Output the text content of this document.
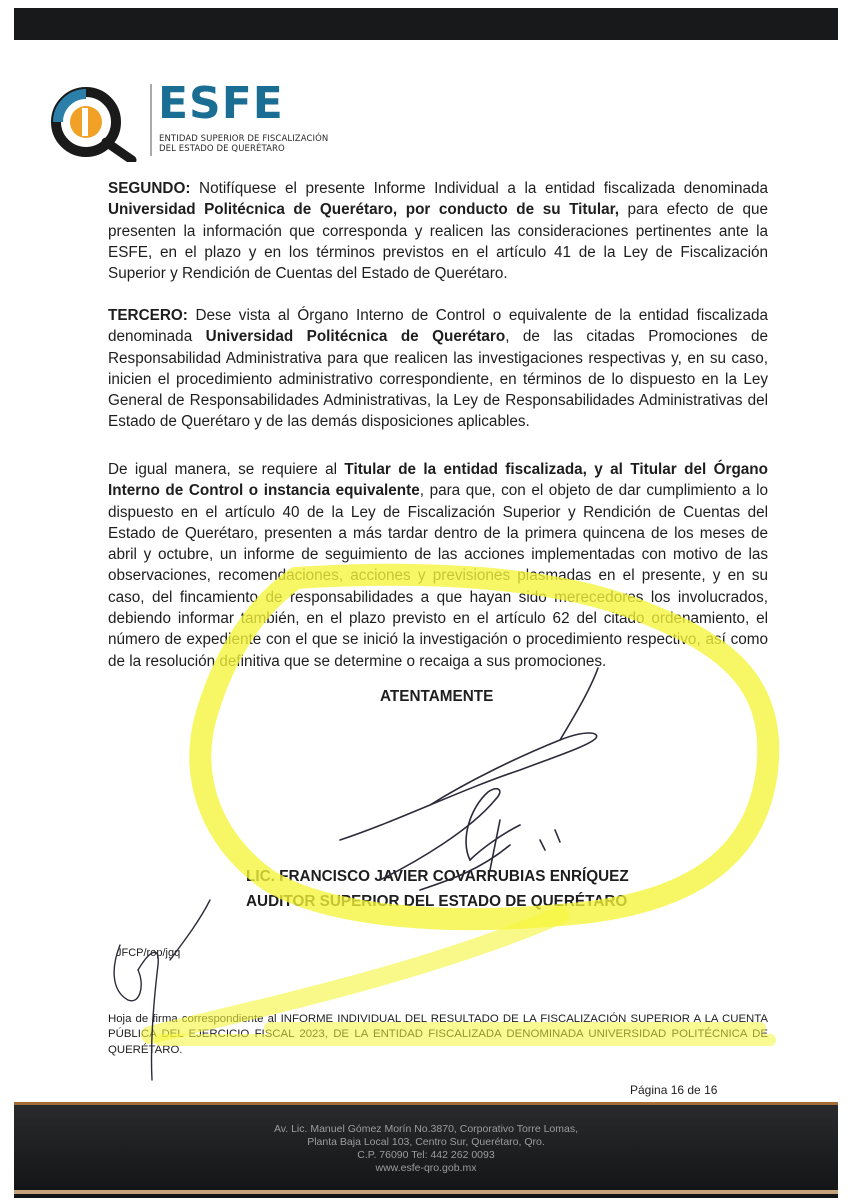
ESFE
ENTIDAD SUPERIOR DE FISCALIZACIÓN
DEL ESTADO DE QUERÉTARO

SEGUNDO: Notifíquese el presente Informe Individual a la entidad fiscalizada denominada Universidad Politécnica de Querétaro, por conducto de su Titular, para efecto de que presenten la información que corresponda y realicen las consideraciones pertinentes ante la ESFE, en el plazo y en los términos previstos en el artículo 41 de la Ley de Fiscalización Superior y Rendición de Cuentas del Estado de Querétaro.

TERCERO: Dese vista al Órgano Interno de Control o equivalente de la entidad fiscalizada denominada Universidad Politécnica de Querétaro, de las citadas Promociones de Responsabilidad Administrativa para que realicen las investigaciones respectivas y, en su caso, inicien el procedimiento administrativo correspondiente, en términos de lo dispuesto en la Ley General de Responsabilidades Administrativas, la Ley de Responsabilidades Administrativas del Estado de Querétaro y de las demás disposiciones aplicables.

De igual manera, se requiere al Titular de la entidad fiscalizada, y al Titular del Órgano Interno de Control o instancia equivalente, para que, con el objeto de dar cumplimiento a lo dispuesto en el artículo 40 de la Ley de Fiscalización Superior y Rendición de Cuentas del Estado de Querétaro, presenten a más tardar dentro de la primera quincena de los meses de abril y octubre, un informe de seguimiento de las acciones implementadas con motivo de las observaciones, recomendaciones, acciones y previsiones plasmadas en el presente, y en su caso, del fincamiento de responsabilidades a que hayan sido merecedores los involucrados, debiendo informar también, en el plazo previsto en el artículo 62 del citado ordenamiento, el número de expediente con el que se inició la investigación o procedimiento respectivo, así como de la resolución definitiva que se determine o recaiga a sus promociones.

ATENTAMENTE
LIC. FRANCISCO JAVIER COVARRUBIAS ENRÍQUEZ
AUDITOR SUPERIOR DEL ESTADO DE QUERÉTARO
JFCP/rop/jgq

Hoja de firma correspondiente al INFORME INDIVIDUAL DEL RESULTADO DE LA FISCALIZACIÓN SUPERIOR A LA CUENTA PÚBLICA DEL EJERCICIO FISCAL 2023, DE LA ENTIDAD FISCALIZADA DENOMINADA UNIVERSIDAD POLITÉCNICA DE QUERÉTARO.

Página 16 de 16
Av. Lic. Manuel Gómez Morín No.3870, Corporativo Torre Lomas,
Planta Baja Local 103, Centro Sur, Querétaro, Qro.
C.P. 76090 Tel: 442 262 0093
www.esfe-qro.gob.mx
